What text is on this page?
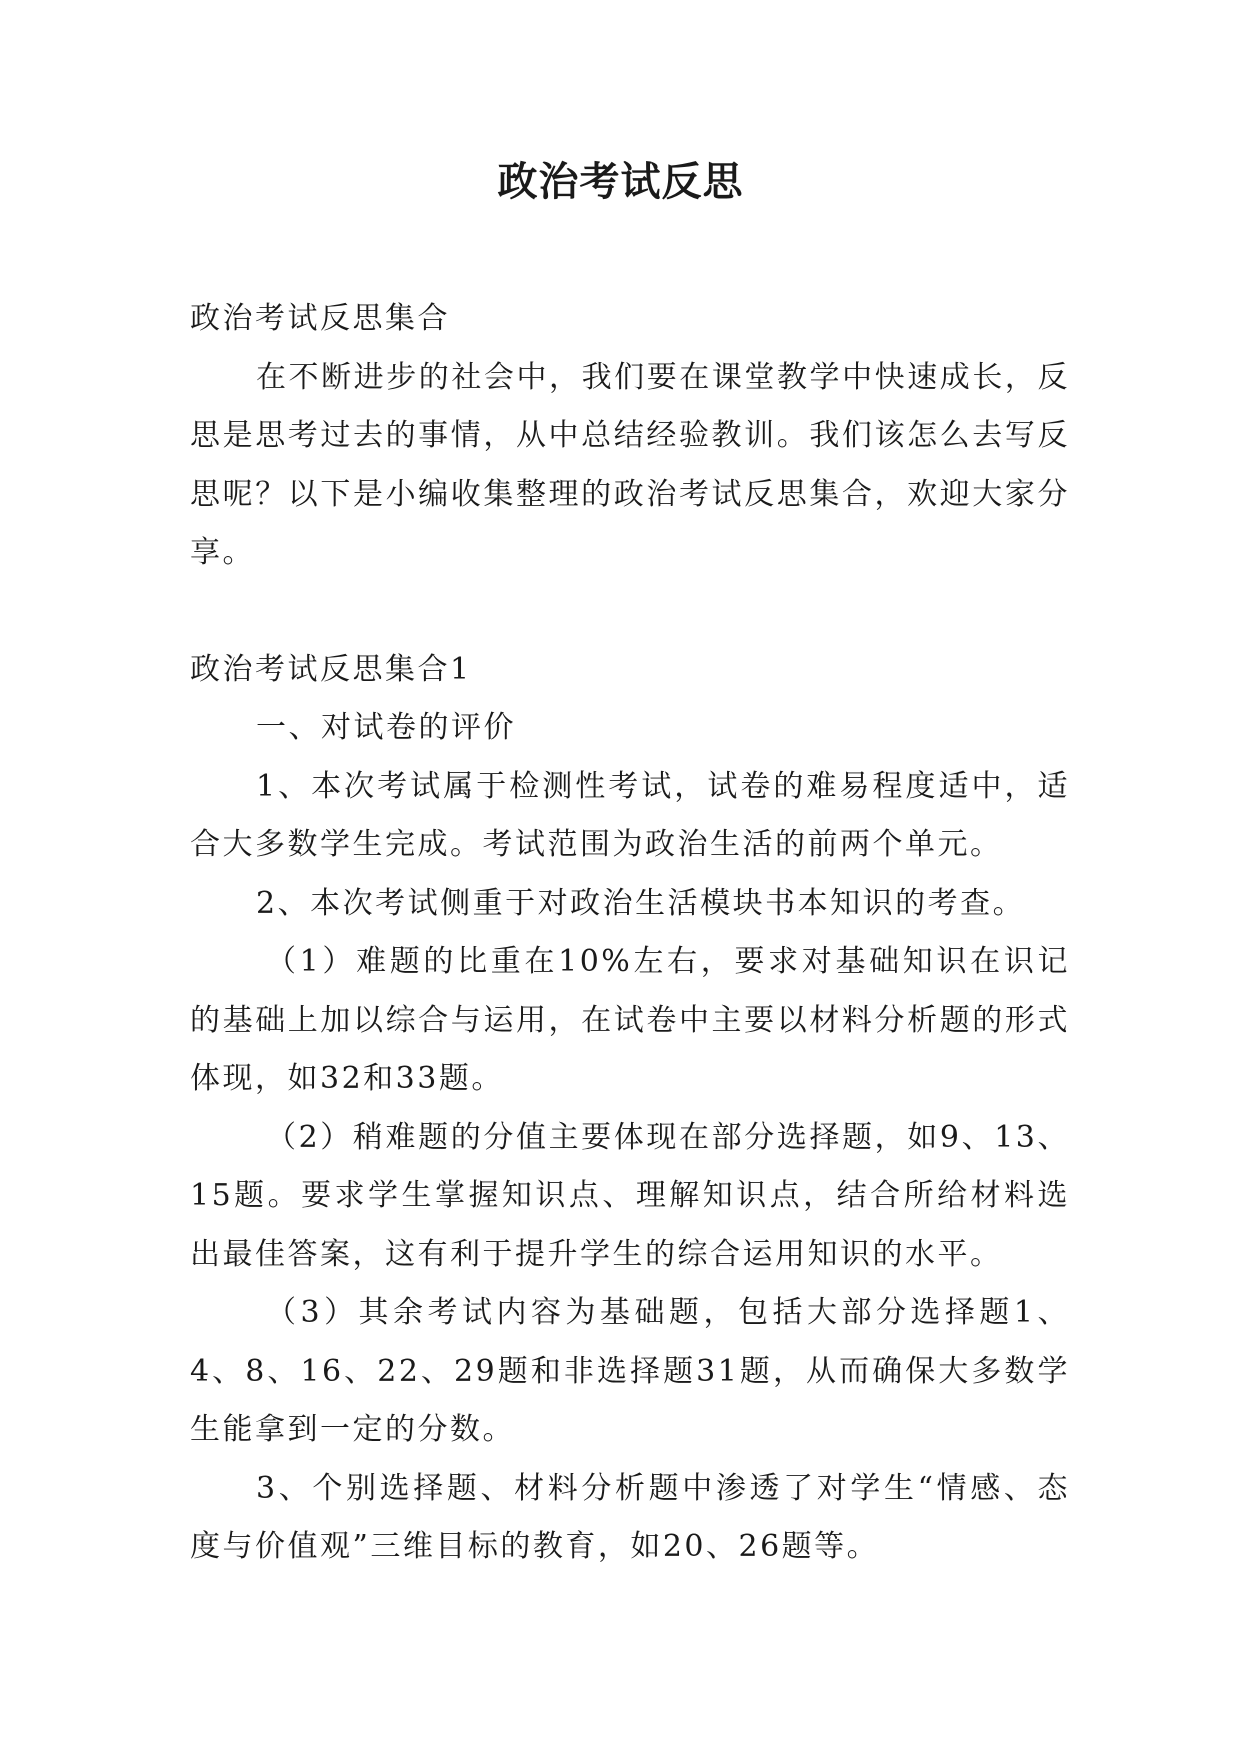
政治考试反思

政治考试反思集合

在不断进步的社会中，我们要在课堂教学中快速成长，反思是思考过去的事情，从中总结经验教训。我们该怎么去写反思呢？以下是小编收集整理的政治考试反思集合，欢迎大家分享。

政治考试反思集合1

一、对试卷的评价

1、本次考试属于检测性考试，试卷的难易程度适中，适合大多数学生完成。考试范围为政治生活的前两个单元。

2、本次考试侧重于对政治生活模块书本知识的考查。

（1）难题的比重在10%左右，要求对基础知识在识记的基础上加以综合与运用，在试卷中主要以材料分析题的形式体现，如32和33题。

（2）稍难题的分值主要体现在部分选择题，如9、13、15题。要求学生掌握知识点、理解知识点，结合所给材料选出最佳答案，这有利于提升学生的综合运用知识的水平。

（3）其余考试内容为基础题，包括大部分选择题1、4、8、16、22、29题和非选择题31题，从而确保大多数学生能拿到一定的分数。

3、个别选择题、材料分析题中渗透了对学生“情感、态度与价值观”三维目标的教育，如20、26题等。
